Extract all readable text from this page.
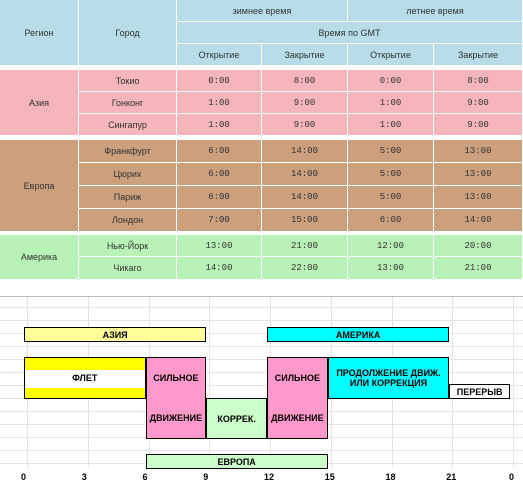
Регион	Город
зимнее время	летнее время
Время по GMT
Открытие	Закрытие	Открытие	Закрытие
Азия
Токио	0:00	8:00	0:00	8:00
Гонконг	1:00	9:00	1:00	9:00
Сингапур	1:00	9:00	1:00	9:00
Европа
Франкфурт	6:00	14:00	5:00	13:00
Цюрих	6:00	14:00	5:00	13:00
Париж	6:00	14:00	5:00	13:00
Лондон	7:00	15:00	6:00	14:00
Америка
Нью-Йорк	13:00	21:00	12:00	20:00
Чикаго	14:00	22:00	13:00	21:00
АЗИЯ	АМЕРИКА
ЕВРОПА
ФЛЕТ	СИЛЬНОЕ
ДВИЖЕНИЕ КОРРЕК.
СИЛЬНОЕ
ДВИЖЕНИЕ
ПРОДОЛЖЕНИЕ ДВИЖ. ИЛИ КОРРЕКЦИЯ
ПЕРЕРЫВ
0	3	6	9	12	15	18	21	0
